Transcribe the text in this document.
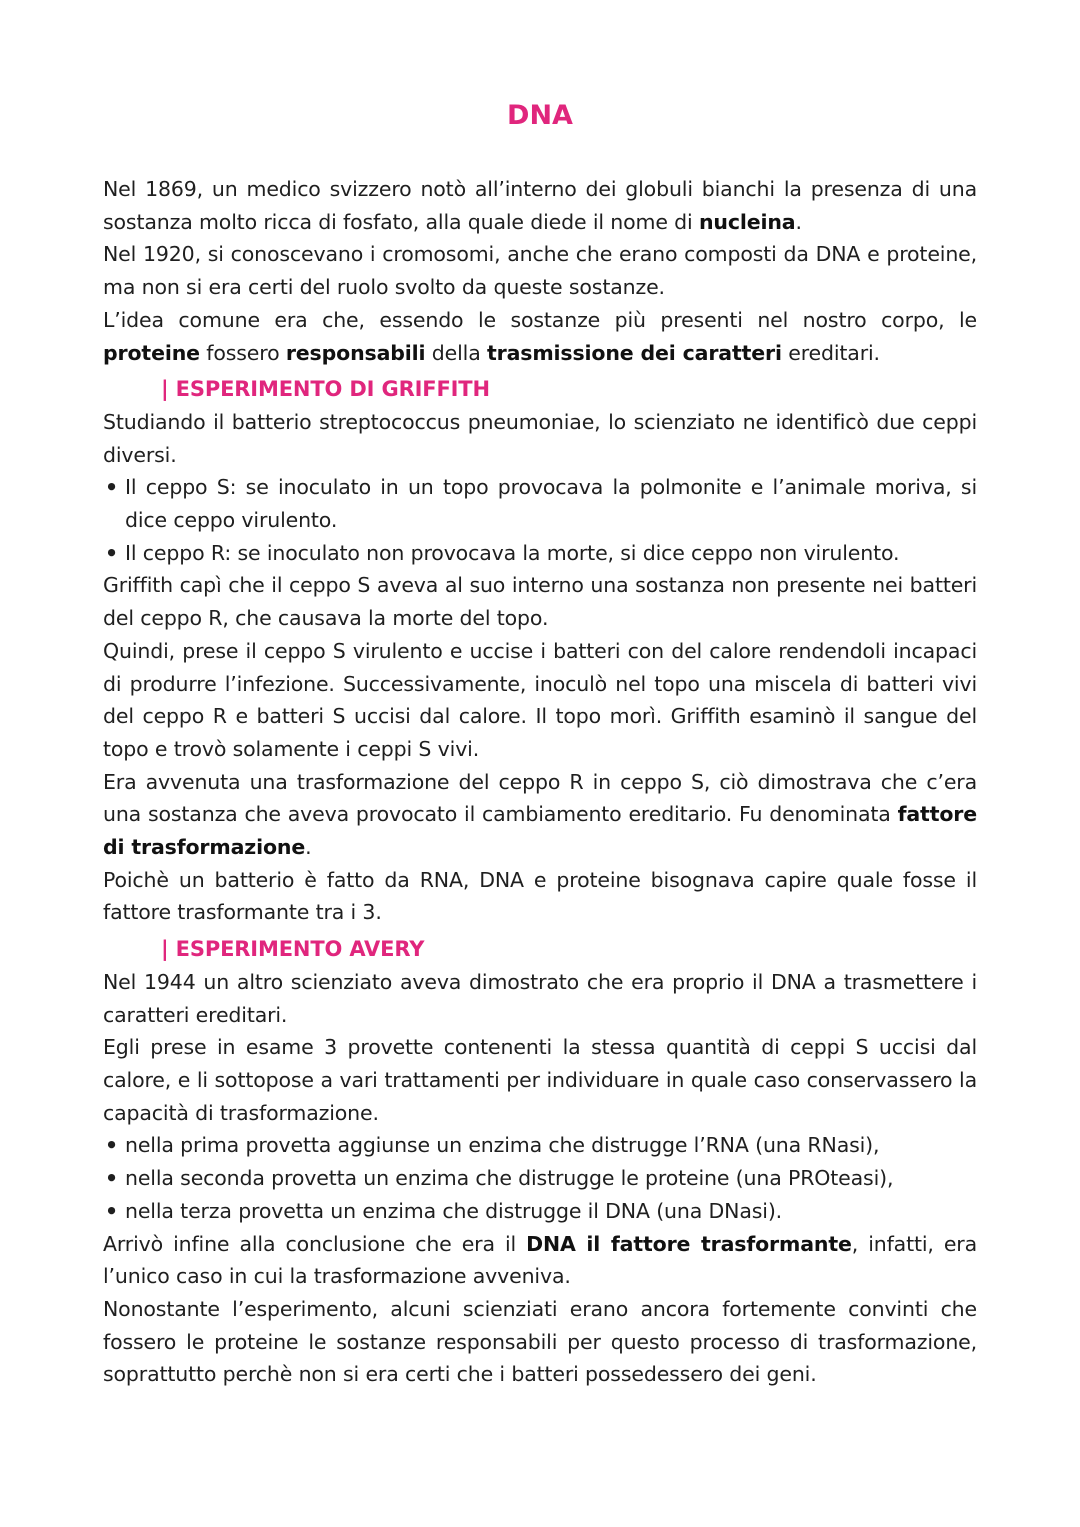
DNA

Nel 1869, un medico svizzero notò all’interno dei globuli bianchi la presenza di una sostanza molto ricca di fosfato, alla quale diede il nome di nucleina.

Nel 1920, si conoscevano i cromosomi, anche che erano composti da DNA e proteine, ma non si era certi del ruolo svolto da queste sostanze.

L’idea comune era che, essendo le sostanze più presenti nel nostro corpo, le proteine fossero responsabili della trasmissione dei caratteri ereditari.

| ESPERIMENTO DI GRIFFITH

Studiando il batterio streptococcus pneumoniae, lo scienziato ne identificò due ceppi diversi.

• Il ceppo S: se inoculato in un topo provocava la polmonite e l’animale moriva, si dice ceppo virulento.
• Il ceppo R: se inoculato non provocava la morte, si dice ceppo non virulento.

Griffith capì che il ceppo S aveva al suo interno una sostanza non presente nei batteri del ceppo R, che causava la morte del topo.

Quindi, prese il ceppo S virulento e uccise i batteri con del calore rendendoli incapaci di produrre l’infezione. Successivamente, inoculò nel topo una miscela di batteri vivi del ceppo R e batteri S uccisi dal calore. Il topo morì. Griffith esaminò il sangue del topo e trovò solamente i ceppi S vivi.

Era avvenuta una trasformazione del ceppo R in ceppo S, ciò dimostrava che c’era una sostanza che aveva provocato il cambiamento ereditario. Fu denominata fattore di trasformazione.

Poichè un batterio è fatto da RNA, DNA e proteine bisognava capire quale fosse il fattore trasformante tra i 3.

| ESPERIMENTO AVERY

Nel 1944 un altro scienziato aveva dimostrato che era proprio il DNA a trasmettere i caratteri ereditari.

Egli prese in esame 3 provette contenenti la stessa quantità di ceppi S uccisi dal calore, e li sottopose a vari trattamenti per individuare in quale caso conservassero la capacità di trasformazione.

• nella prima provetta aggiunse un enzima che distrugge l’RNA (una RNasi),
• nella seconda provetta un enzima che distrugge le proteine (una PROteasi),
• nella terza provetta un enzima che distrugge il DNA (una DNasi).

Arrivò infine alla conclusione che era il DNA il fattore trasformante, infatti, era l’unico caso in cui la trasformazione avveniva.

Nonostante l’esperimento, alcuni scienziati erano ancora fortemente convinti che fossero le proteine le sostanze responsabili per questo processo di trasformazione, soprattutto perchè non si era certi che i batteri possedessero dei geni.
